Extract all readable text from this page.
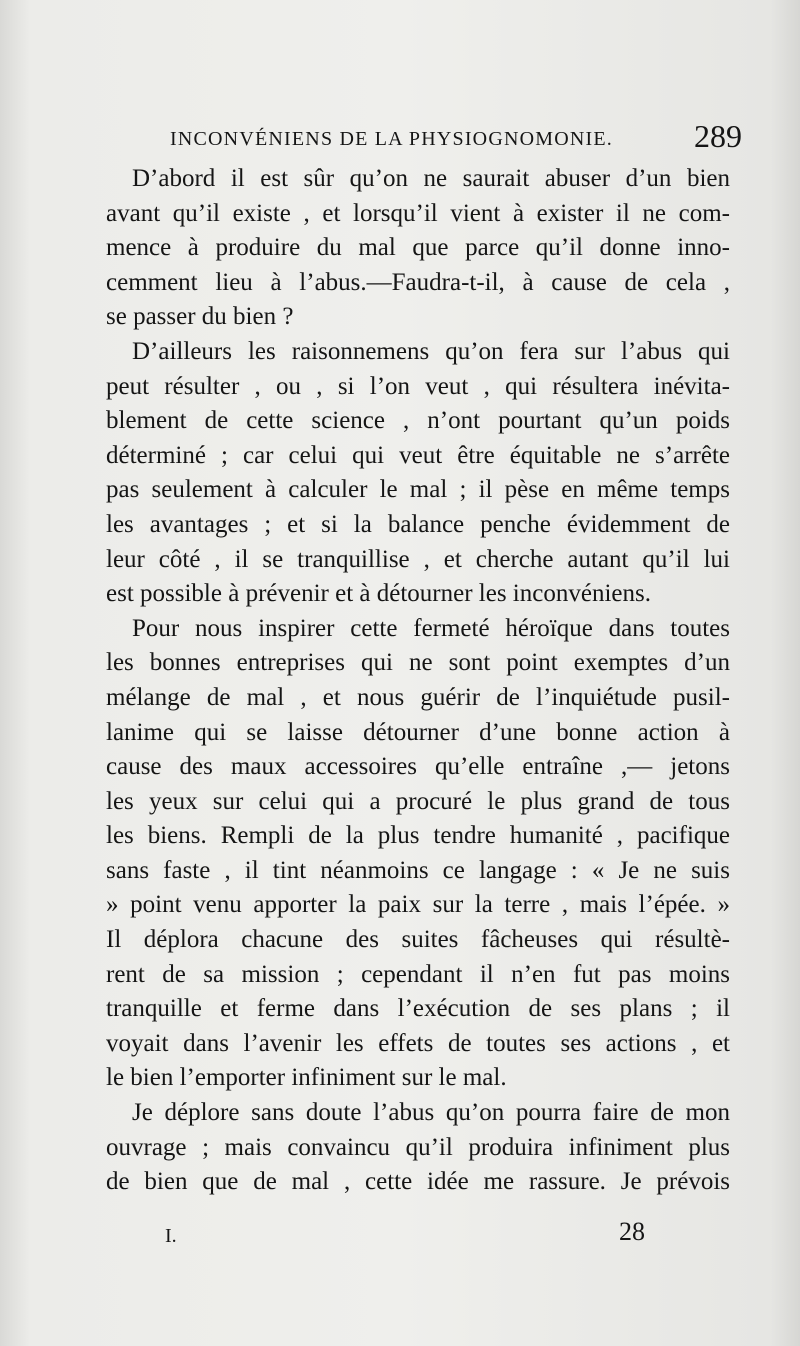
INCONVÉNIENS DE LA PHYSIOGNOMONIE.	289
D’abord il est sûr qu’on ne saurait abuser d’un bien
avant qu’il existe , et lorsqu’il vient à exister il ne com-
mence à produire du mal que parce qu’il donne inno-
cemment lieu à l’abus.—Faudra-t-il, à cause de cela ,
se passer du bien ?
D’ailleurs les raisonnemens qu’on fera sur l’abus qui
peut résulter , ou , si l’on veut , qui résultera inévita-
blement de cette science , n’ont pourtant qu’un poids
déterminé ; car celui qui veut être équitable ne s’arrête
pas seulement à calculer le mal ; il pèse en même temps
les avantages ; et si la balance penche évidemment de
leur côté , il se tranquillise , et cherche autant qu’il lui
est possible à prévenir et à détourner les inconvéniens.
Pour nous inspirer cette fermeté héroïque dans toutes
les bonnes entreprises qui ne sont point exemptes d’un
mélange de mal , et nous guérir de l’inquiétude pusil-
lanime qui se laisse détourner d’une bonne action à
cause des maux accessoires qu’elle entraîne ,— jetons
les yeux sur celui qui a procuré le plus grand de tous
les biens. Rempli de la plus tendre humanité , pacifique
sans faste , il tint néanmoins ce langage : « Je ne suis
» point venu apporter la paix sur la terre , mais l’épée. »
Il déplora chacune des suites fâcheuses qui résultè-
rent de sa mission ; cependant il n’en fut pas moins
tranquille et ferme dans l’exécution de ses plans ; il
voyait dans l’avenir les effets de toutes ses actions , et
le bien l’emporter infiniment sur le mal.
Je déplore sans doute l’abus qu’on pourra faire de mon
ouvrage ; mais convaincu qu’il produira infiniment plus
de bien que de mal , cette idée me rassure. Je prévois
I.	28
